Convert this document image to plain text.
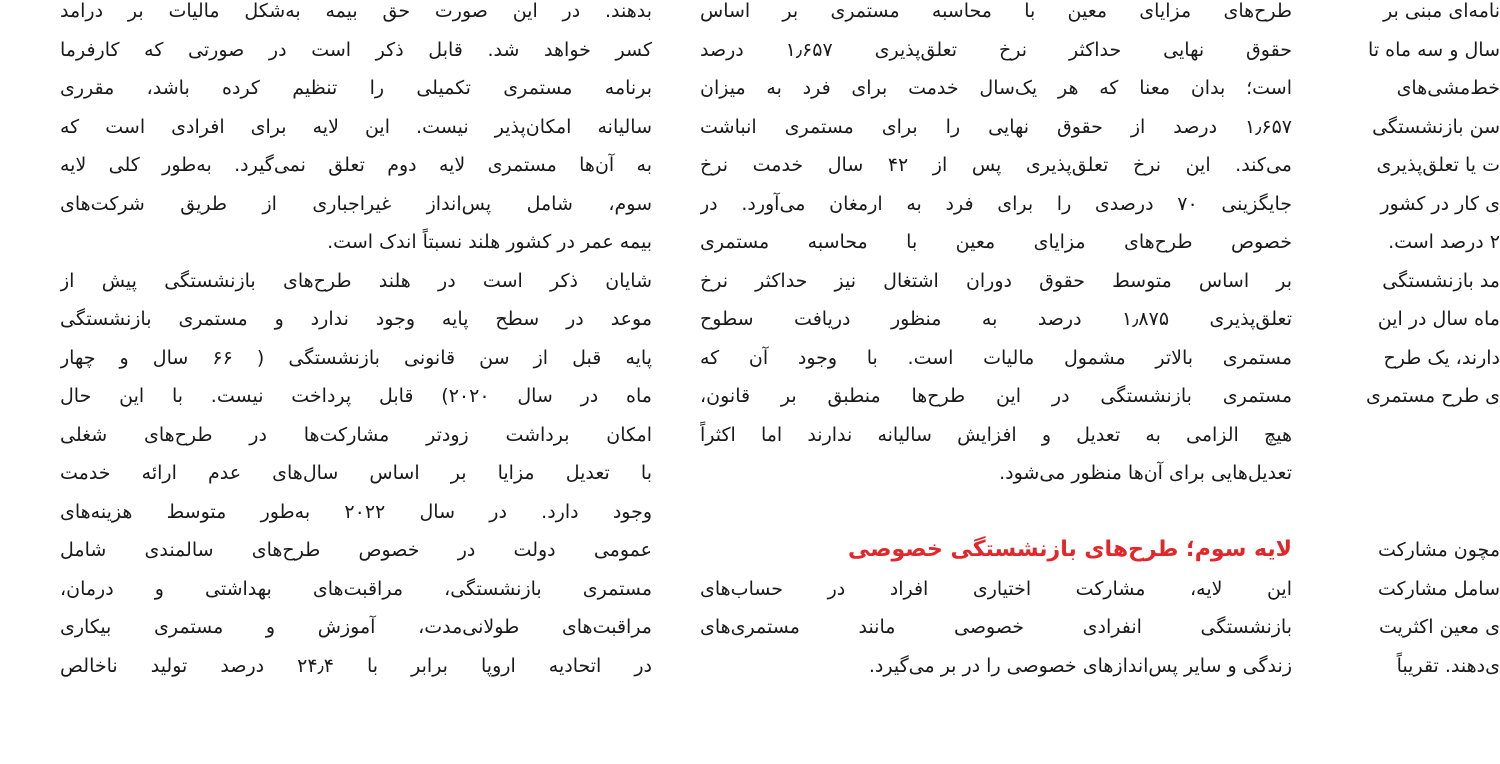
بدهند. در این صورت حق بیمه به‌شکل مالیات بر درامد
کسر خواهد شد. قابل ذکر است در صورتی که کارفرما
برنامه مستمری تکمیلی را تنظیم کرده باشد، مقرری
سالیانه امکان‌پذیر نیست. این لایه برای افرادی است که
به آن‌ها مستمری لایه دوم تعلق نمی‌گیرد. به‌طور کلی لایه
سوم، شامل پس‌انداز غیراجباری از طریق شرکت‌های
بیمه عمر در کشور هلند نسبتاً اندک است.
شایان ذکر است در هلند طرح‌های بازنشستگی پیش از
موعد در سطح پایه وجود ندارد و مستمری بازنشستگی
پایه قبل از سن قانونی بازنشستگی ( ۶۶ سال و چهار
ماه در سال ۲۰۲۰) قابل پرداخت نیست. با این حال
امکان برداشت زودتر مشارکت‌ها در طرح‌های شغلی
با تعدیل مزایا بر اساس سال‌های عدم ارائه خدمت
وجود دارد. در سال ۲۰۲۲ به‌طور متوسط هزینه‌های
عمومی دولت در خصوص طرح‌های سالمندی شامل
مستمری بازنشستگی، مراقبت‌های بهداشتی و درمان،
مراقبت‌های طولانی‌مدت، آموزش و مستمری بیکاری
در اتحادیه اروپا برابر با ۲۴٫۴ درصد تولید ناخالص
طرح‌های مزایای معین با محاسبه مستمری بر اساس
حقوق نهایی حداکثر نرخ تعلق‌پذیری ۱٫۶۵۷ درصد
است؛ بدان معنا که هر یک‌سال خدمت برای فرد به میزان
۱٫۶۵۷ درصد از حقوق نهایی را برای مستمری انباشت
می‌کند. این نرخ تعلق‌پذیری پس از ۴۲ سال خدمت نرخ
جایگزینی ۷۰ درصدی را برای فرد به ارمغان می‌آورد. در
خصوص طرح‌های مزایای معین با محاسبه مستمری
بر اساس متوسط حقوق دوران اشتغال نیز حداکثر نرخ
تعلق‌پذیری ۱٫۸۷۵ درصد به منظور دریافت سطوح
مستمری بالاتر مشمول مالیات است. با وجود آن که
مستمری بازنشستگی در این طرح‌ها منطبق بر قانون،
هیچ الزامی به تعدیل و افزایش سالیانه ندارند اما اکثراً
تعدیل‌هایی برای آن‌ها منظور می‌شود.
لایه سوم؛ طرح‌های بازنشستگی خصوصی
این لایه، مشارکت اختیاری افراد در حساب‌های
بازنشستگی انفرادی خصوصی مانند مستمری‌های
زندگی و سایر پس‌اندازهای خصوصی را در بر می‌گیرد.
نامه‌ای مبنی بر
سال و سه ماه تا
خط‌مشی‌های
سن بازنشستگی
ت یا تعلق‌پذیری
ی کار در کشور
۲ درصد است.
مد بازنشستگی
ماه سال در این
دارند، یک طرح
ی طرح مستمری
مچون مشارکت
سامل مشارکت
ی معین اکثریت
ی‌دهند. تقریباً
